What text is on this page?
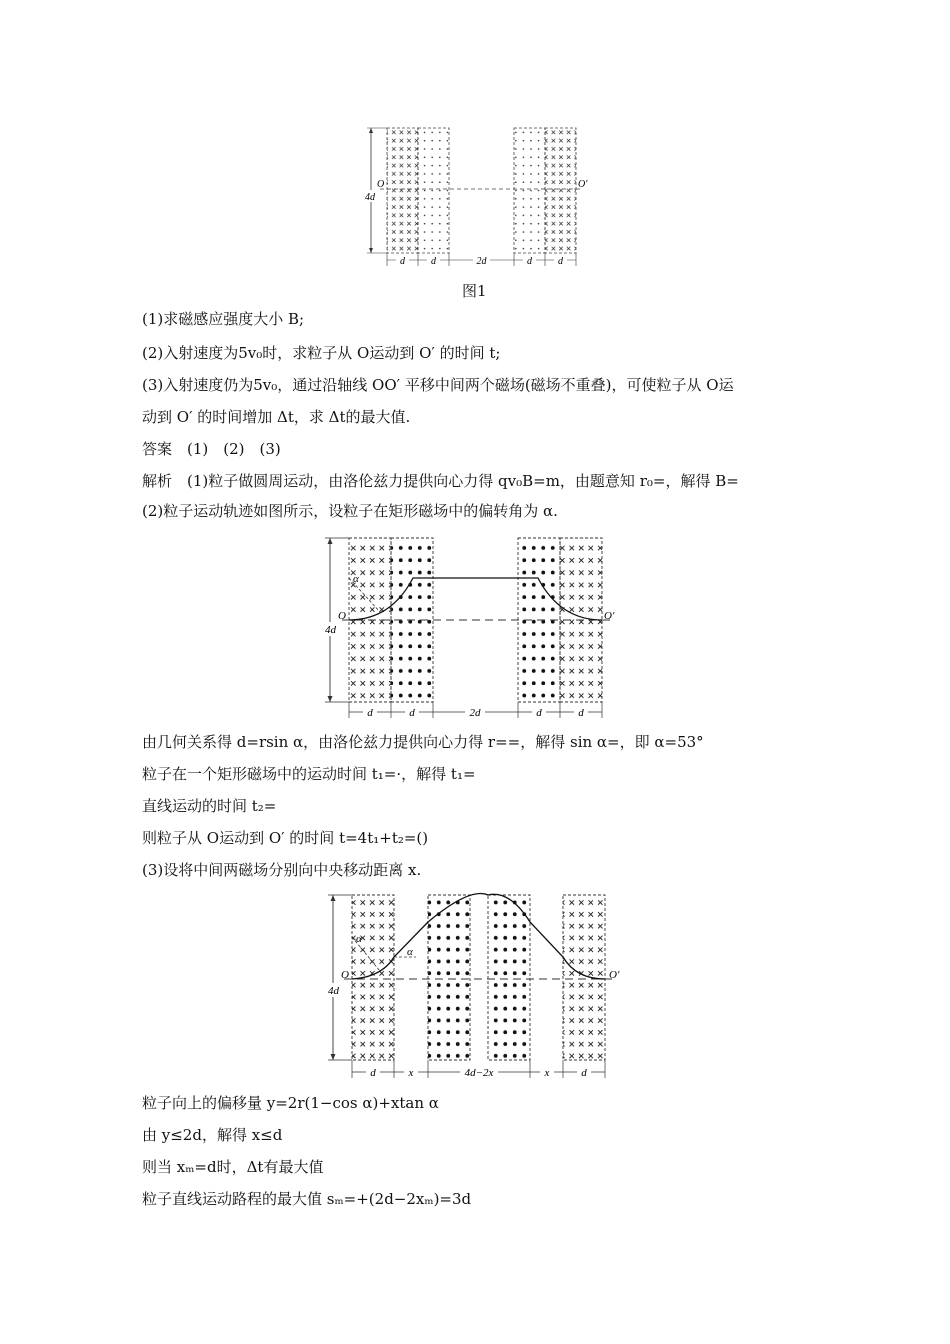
4d
O	O′
d	d	2d	d	d
图1
(1)求磁感应强度大小 B;
(2)入射速度为5v₀时，求粒子从 O运动到 O′ 的时间 t;
(3)入射速度仍为5v₀，通过沿轴线 OO′ 平移中间两个磁场(磁场不重叠)，可使粒子从 O运
动到 O′ 的时间增加 Δt，求 Δt的最大值.
答案　(1)　(2)　(3)
解析　(1)粒子做圆周运动，由洛伦兹力提供向心力得 qv₀B=m，由题意知 r₀=，解得 B=
(2)粒子运动轨迹如图所示，设粒子在矩形磁场中的偏转角为 α.
α
4d
O	O′
d	d	2d	d	d
由几何关系得 d=rsin α，由洛伦兹力提供向心力得 r==，解得 sin α=，即 α=53°
粒子在一个矩形磁场中的运动时间 t₁=·，解得 t₁=
直线运动的时间 t₂=
则粒子从 O运动到 O′ 的时间 t=4t₁+t₂=()
(3)设将中间两磁场分别向中央移动距离 x.
α
α
4d
O	O′
d	x	4d−2x	x	d
粒子向上的偏移量 y=2r(1−cos α)+xtan α
由 y≤2d，解得 x≤d
则当 xₘ=d时，Δt有最大值
粒子直线运动路程的最大值 sₘ=+(2d−2xₘ)=3d
